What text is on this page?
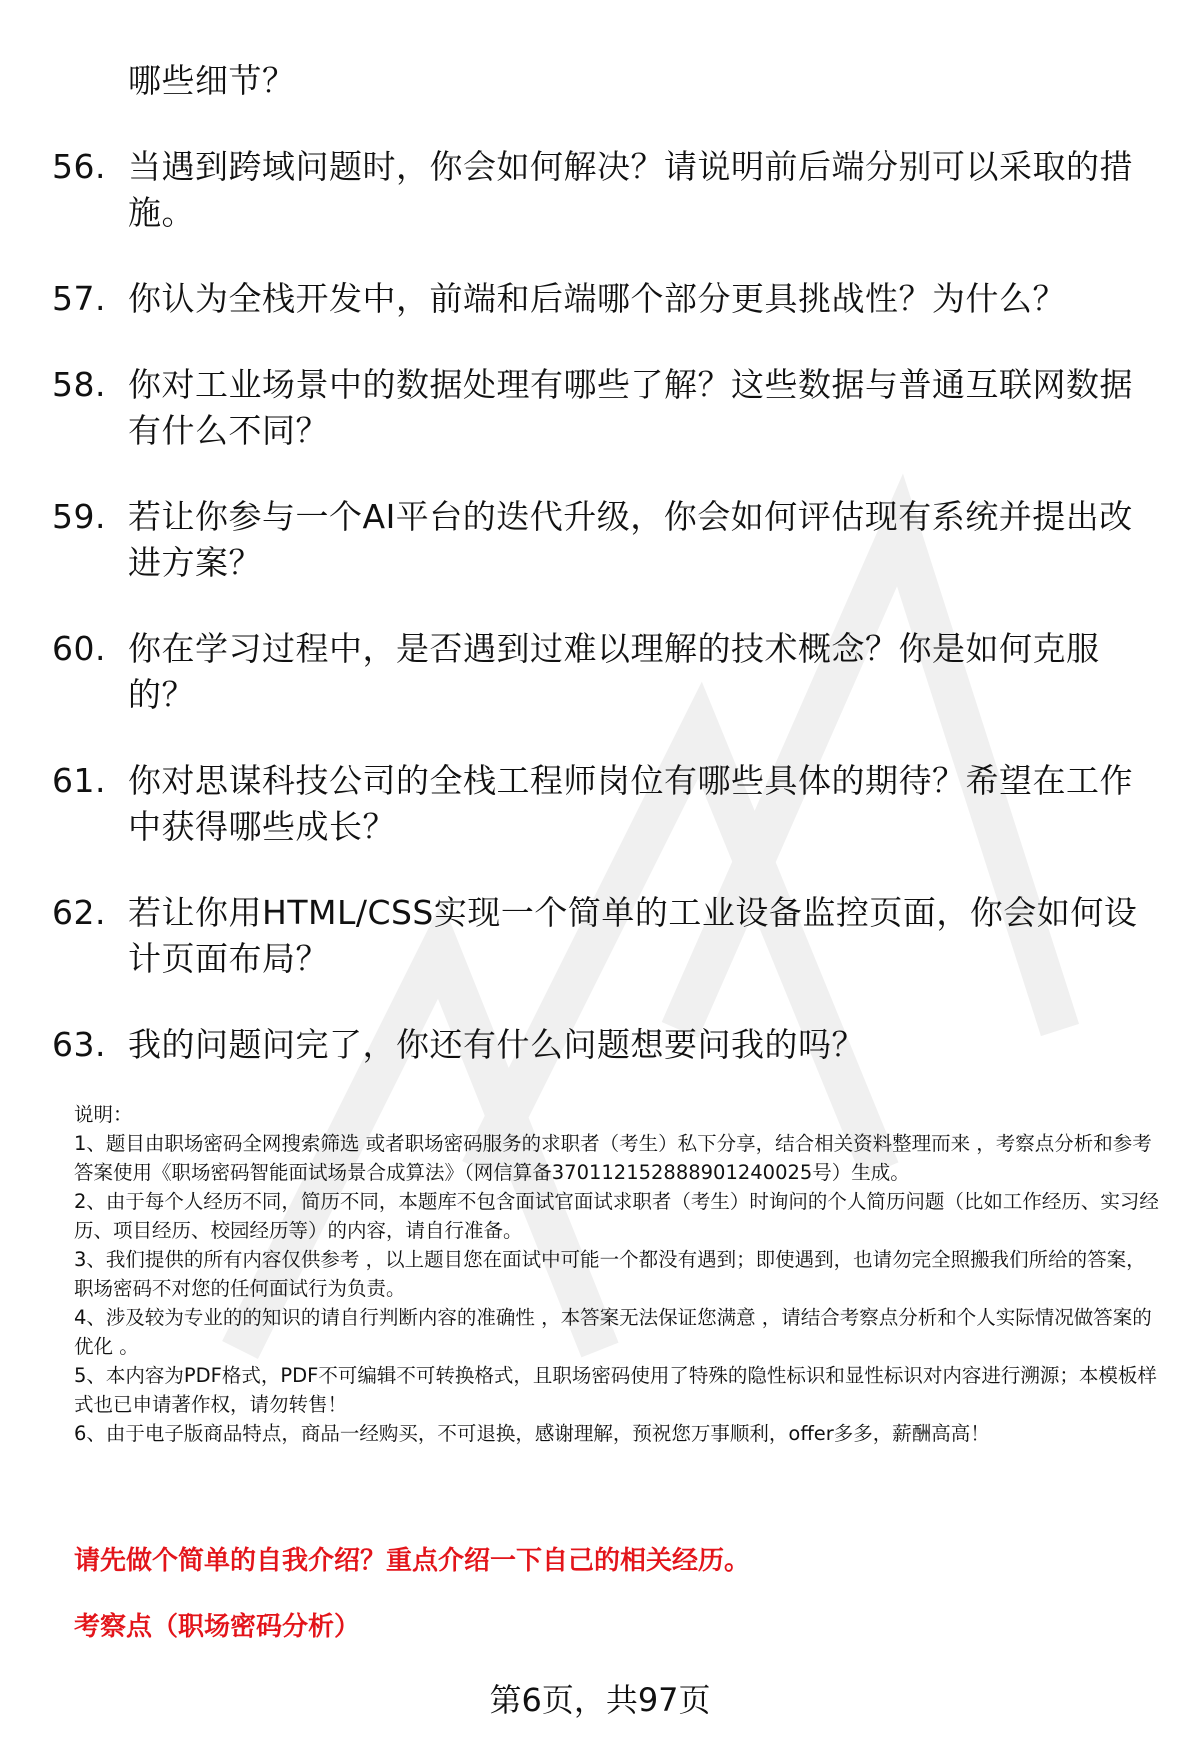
哪些细节？
56. 当遇到跨域问题时，你会如何解决？请说明前后端分别可以采取的措施。
57. 你认为全栈开发中，前端和后端哪个部分更具挑战性？为什么？
58. 你对工业场景中的数据处理有哪些了解？这些数据与普通互联网数据有什么不同？
59. 若让你参与一个AI平台的迭代升级，你会如何评估现有系统并提出改进方案？
60. 你在学习过程中，是否遇到过难以理解的技术概念？你是如何克服的？
61. 你对思谋科技公司的全栈工程师岗位有哪些具体的期待？希望在工作中获得哪些成长？
62. 若让你用HTML/CSS实现一个简单的工业设备监控页面，你会如何设计页面布局？
63. 我的问题问完了，你还有什么问题想要问我的吗？
说明：
1、题目由职场密码全网搜索筛选 或者职场密码服务的求职者（考生）私下分享，结合相关资料整理而来 ，考察点分析和参考答案使用《职场密码智能面试场景合成算法》（网信算备370112152888901240025号）生成。
2、由于每个人经历不同，简历不同，本题库不包含面试官面试求职者（考生）时询问的个人简历问题（比如工作经历、实习经历、项目经历、校园经历等）的内容，请自行准备。
3、我们提供的所有内容仅供参考 ，以上题目您在面试中可能一个都没有遇到；即使遇到，也请勿完全照搬我们所给的答案，职场密码不对您的任何面试行为负责。
4、涉及较为专业的的知识的请自行判断内容的准确性 ，本答案无法保证您满意 ，请结合考察点分析和个人实际情况做答案的优化 。
5、本内容为PDF格式，PDF不可编辑不可转换格式，且职场密码使用了特殊的隐性标识和显性标识对内容进行溯源；本模板样式也已申请著作权，请勿转售！
6、由于电子版商品特点，商品一经购买，不可退换，感谢理解，预祝您万事顺利，offer多多，薪酬高高！
请先做个简单的自我介绍？重点介绍一下自己的相关经历。
考察点（职场密码分析）
第6页，共97页
